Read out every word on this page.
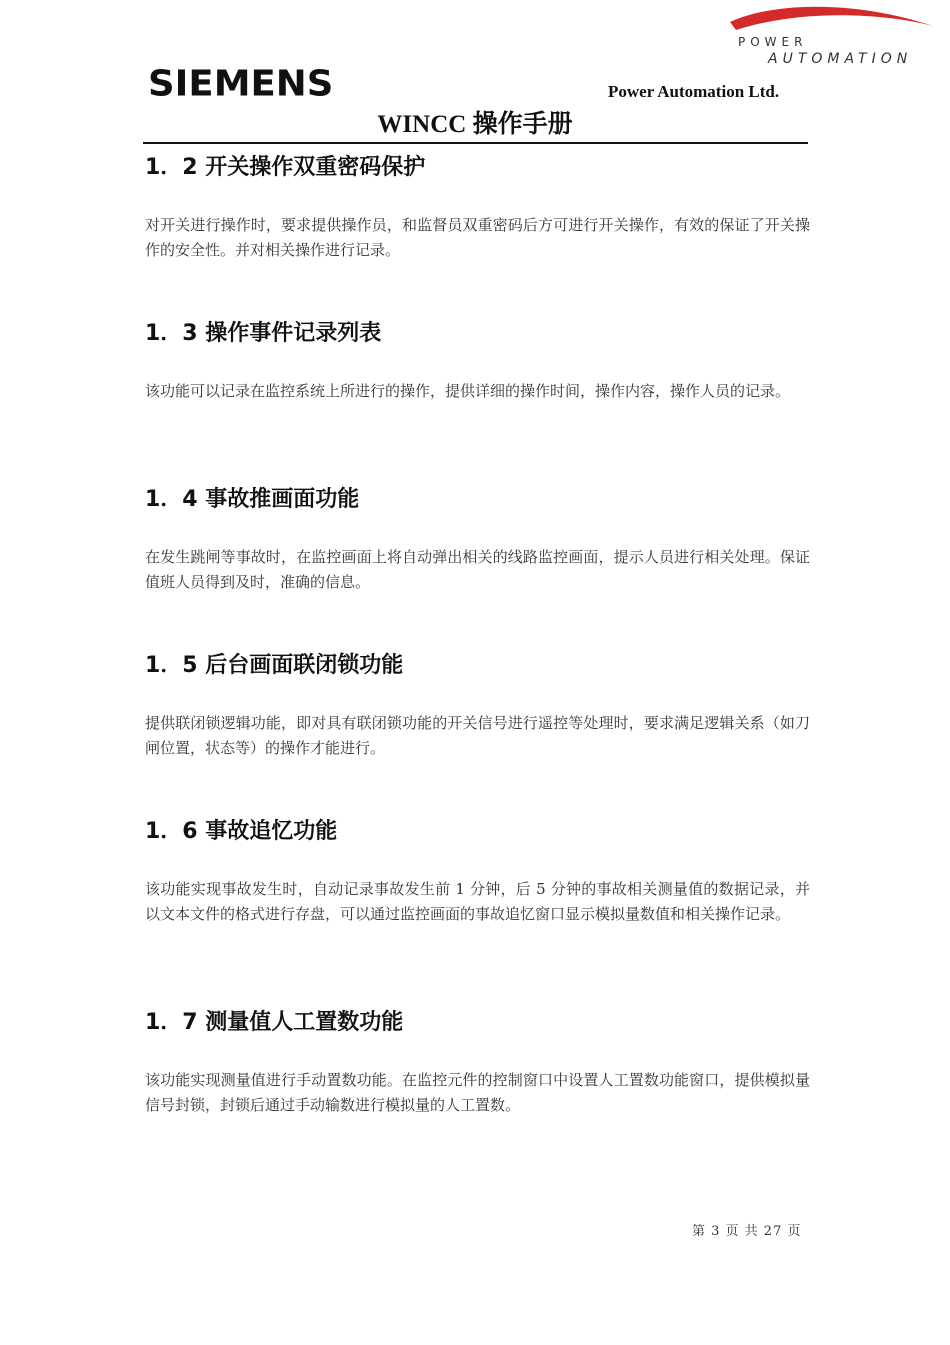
SIEMENS
POWER
AUTOMATION
Power Automation Ltd.
WINCC 操作手册
1．2 开关操作双重密码保护

对开关进行操作时，要求提供操作员，和监督员双重密码后方可进行开关操作，有效的保证了开关操作的安全性。并对相关操作进行记录。

1．3 操作事件记录列表

该功能可以记录在监控系统上所进行的操作，提供详细的操作时间，操作内容，操作人员的记录。

1．4 事故推画面功能

在发生跳闸等事故时，在监控画面上将自动弹出相关的线路监控画面，提示人员进行相关处理。保证值班人员得到及时，准确的信息。

1．5 后台画面联闭锁功能

提供联闭锁逻辑功能，即对具有联闭锁功能的开关信号进行遥控等处理时，要求满足逻辑关系（如刀闸位置，状态等）的操作才能进行。

1．6 事故追忆功能

该功能实现事故发生时，自动记录事故发生前 1 分钟，后 5 分钟的事故相关测量值的数据记录，并以文本文件的格式进行存盘，可以通过监控画面的事故追忆窗口显示模拟量数值和相关操作记录。

1．7 测量值人工置数功能

该功能实现测量值进行手动置数功能。在监控元件的控制窗口中设置人工置数功能窗口，提供模拟量信号封锁，封锁后通过手动输数进行模拟量的人工置数。

第 3 页 共 27 页
